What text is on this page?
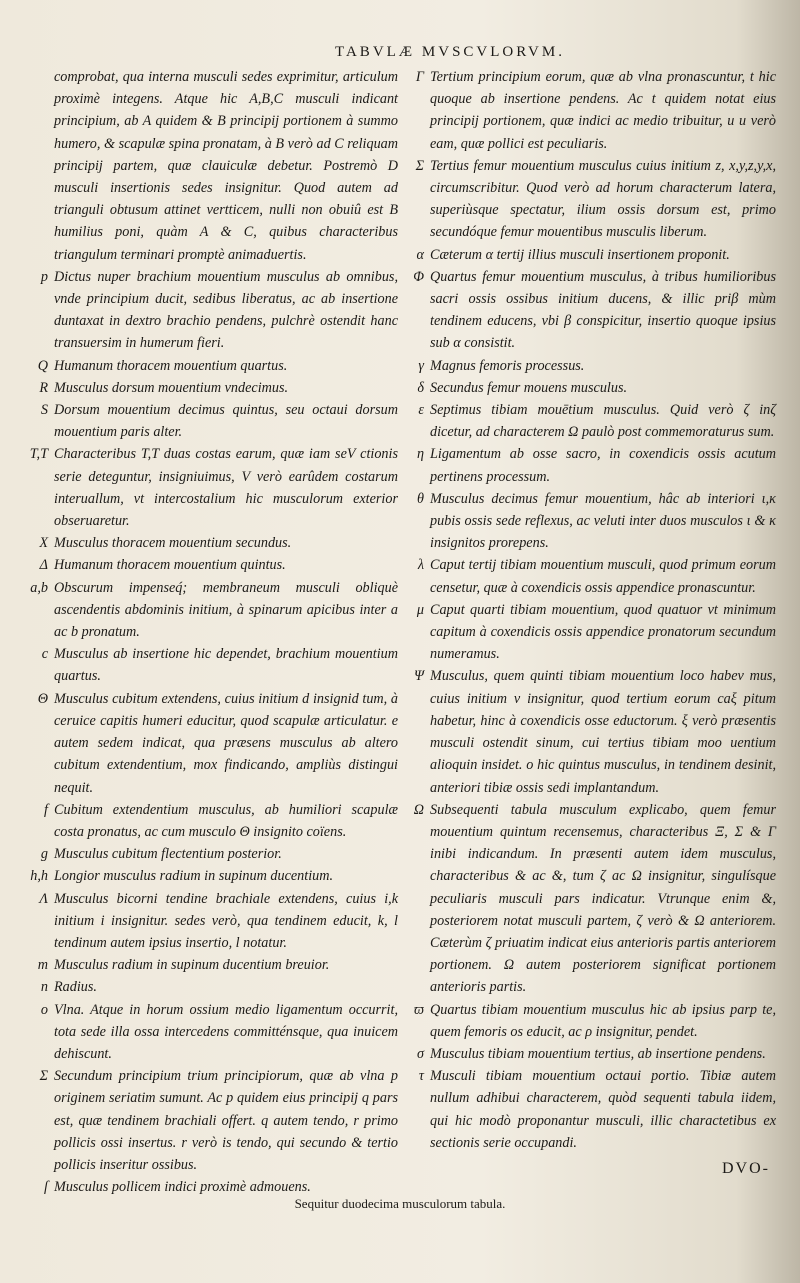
TABVLÆ MVSCVLORVM.
comprobat, qua interna musculi sedes exprimitur, articulum proximè integens. Atque hic A,B,C musculi indicant principium, ab A quidem & B principij portionem à summo humero, & scapulæ spina pronatam, à B verò ad C reliquam principij partem, quæ clauiculæ debetur. Postremò D musculi insertionis sedes insignitur. Quod autem ad trianguli obtusum attinet vertticem, nulli non obuiû est B humilius poni, quàm A & C, quibus characteribus triangulum terminari promptè animaduertis.
p Dictus nuper brachium mouentium musculus ab omnibus, vnde principium ducit, sedibus liberatus, ac ab insertione duntaxat in dextro brachio pendens, pulchrè ostendit hanc transuersim in humerum fieri.
Q Humanum thoracem mouentium quartus.
R Musculus dorsum mouentium vndecimus.
S Dorsum mouentium decimus quintus, seu octaui dorsum mouentium paris alter.
T,T Characteribus T,T duas costas earum, quæ iam seV ctionis serie deteguntur, insigniuimus, V verò earûdem costarum interuallum, vt intercostalium hic musculorum exterior obseruaretur.
X Musculus thoracem mouentium secundus.
Δ Humanum thoracem mouentium quintus.
a,b Obscurum impenseq́; membraneum musculi obliquè ascendentis abdominis initium, à spinarum apicibus inter a ac b pronatum.
c Musculus ab insertione hic dependet, brachium mouentium quartus.
Θ Musculus cubitum extendens, cuius initium d insignid tum, à ceruice capitis humeri educitur, quod scapulæ articulatur. e autem sedem indicat, qua præsens musculus ab altero cubitum extendentium, mox findicando, ampliùs distingui nequit.
f Cubitum extendentium musculus, ab humiliori scapulæ costa pronatus, ac cum musculo Θ insignito coïens.
g Musculus cubitum flectentium posterior.
h,h Longior musculus radium in supinum ducentium.
Λ Musculus bicorni tendine brachiale extendens, cuius i,k initium i insignitur. sedes verò, qua tendinem educit, k, l tendinum autem ipsius insertio, l notatur.
m Musculus radium in supinum ducentium breuior.
n Radius.
o Vlna. Atque in horum ossium medio ligamentum occurrit, tota sede illa ossa intercedens committénsque, qua inuicem dehiscunt.
Σ Secundum principium trium principiorum, quæ ab vlna p originem seriatim sumunt. Ac p quidem eius principij q pars est, quæ tendinem brachiali offert. q autem tendo, r primo pollicis ossi insertus. r verò is tendo, qui secundo & tertio pollicis inseritur ossibus.
ſ Musculus pollicem indici proximè admouens.
Γ Tertium principium eorum, quæ ab vlna pronascuntur, t hic quoque ab insertione pendens. Ac t quidem notat eius principij portionem, quæ indici ac medio tribuitur, u u verò eam, quæ pollici est peculiaris.
Σ Tertius femur mouentium musculus cuius initium z, x,y,z,y,x, circumscribitur. Quod verò ad horum characterum latera, superiùsque spectatur, ilium ossis dorsum est, primo secundóque femur mouentibus musculis liberum.
α Cæterum α tertij illius musculi insertionem proponit.
Φ Quartus femur mouentium musculus, à tribus humilioribus sacri ossis ossibus initium ducens, & illic priβ mùm tendinem educens, vbi β conspicitur, insertio quoque ipsius sub α consistit.
γ Magnus femoris processus.
δ Secundus femur mouens musculus.
ε Septimus tibiam mouētium musculus. Quid verò ζ inζ dicetur, ad characterem Ω paulò post commemoraturus sum.
η Ligamentum ab osse sacro, in coxendicis ossis acutum pertinens processum.
θ Musculus decimus femur mouentium, hâc ab interiori ι,κ pubis ossis sede reflexus, ac veluti inter duos musculos ι & κ insignitos prorepens.
λ Caput tertij tibiam mouentium musculi, quod primum eorum censetur, quæ à coxendicis ossis appendice pronascuntur.
μ Caput quarti tibiam mouentium, quod quatuor vt minimum capitum à coxendicis ossis appendice pronatorum secundum numeramus.
Ψ Musculus, quem quinti tibiam mouentium loco habev mus, cuius initium ν insignitur, quod tertium eorum caξ pitum habetur, hinc à coxendicis osse eductorum. ξ verò præsentis musculi ostendit sinum, cui tertius tibiam moo uentium alioquin insidet. o hic quintus musculus, in tendinem desinit, anteriori tibiæ ossis sedi implantandum.
Ω Subsequenti tabula musculum explicabo, quem femur mouentium quintum recensemus, characteribus Ξ, Σ & Γ inibi indicandum. In præsenti autem idem musculus, characteribus & ac &, tum ζ ac Ω insignitur, singulísque peculiaris musculi pars indicatur. Vtrunque enim &, posteriorem notat musculi partem, ζ verò & Ω anteriorem. Cæterùm ζ priuatim indicat eius anterioris partis anteriorem portionem. Ω autem posteriorem significat portionem anterioris partis.
ϖ Quartus tibiam mouentium musculus hic ab ipsius parp te, quem femoris os educit, ac ρ insignitur, pendet.
σ Musculus tibiam mouentium tertius, ab insertione pendens.
τ Musculi tibiam mouentium octaui portio. Tibiæ autem nullum adhibui characterem, quòd sequenti tabula iidem, qui hic modò proponantur musculi, illic charactetibus ex sectionis serie occupandi.
DVO-
Sequitur duodecima musculorum tabula.
